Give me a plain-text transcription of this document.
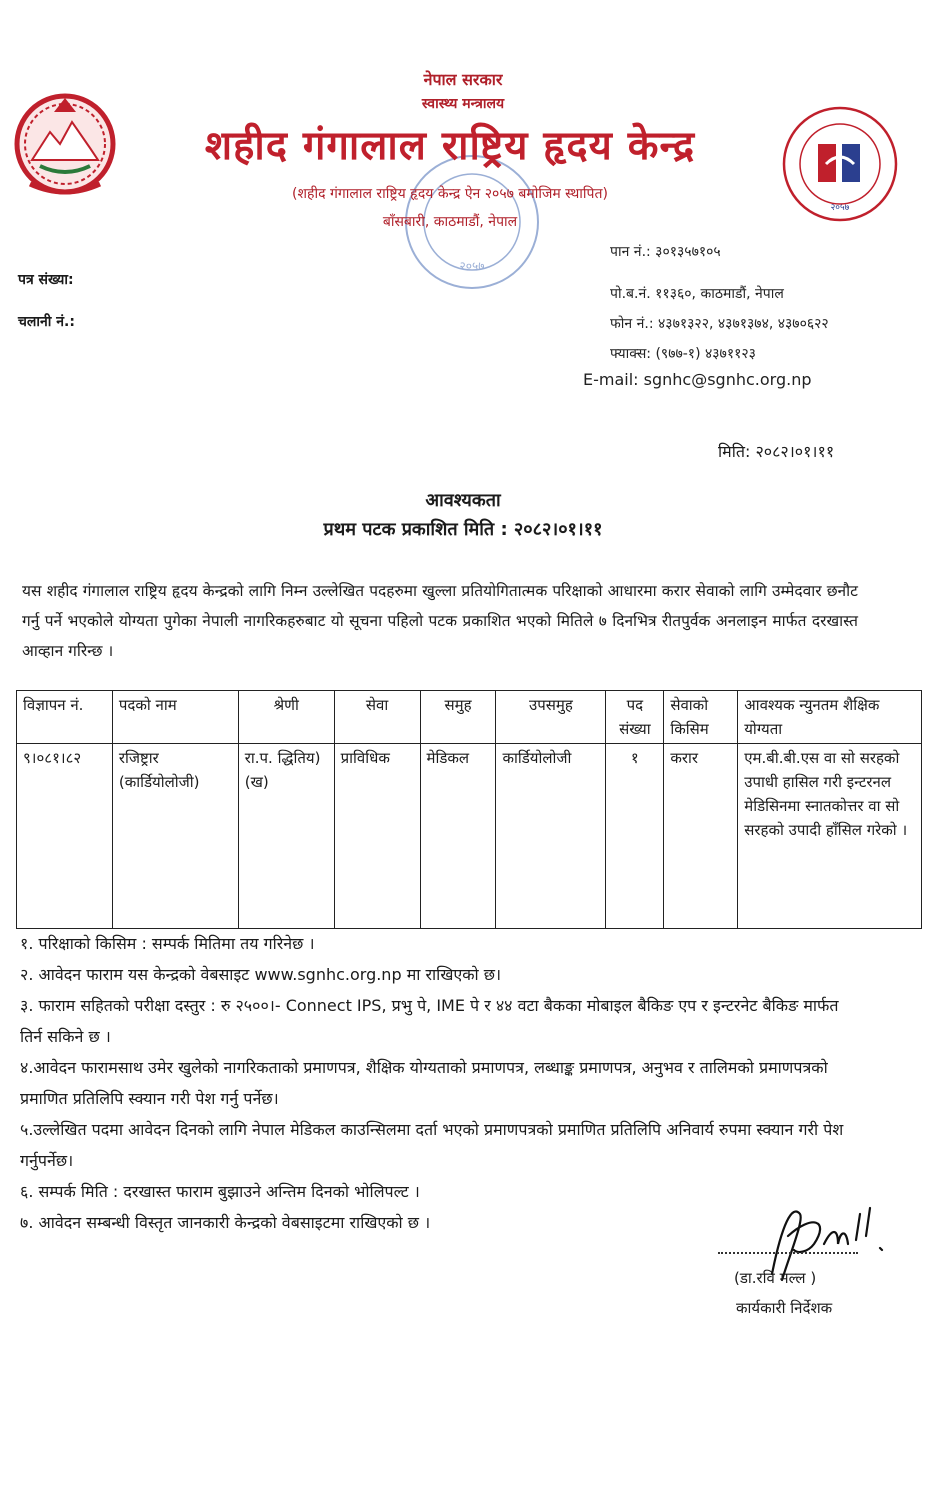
२०५७
२०५७
नेपाल सरकार
स्वास्थ्य मन्त्रालय
शहीद गंगालाल राष्ट्रिय हृदय केन्द्र
(शहीद गंगालाल राष्ट्रिय हृदय केन्द्र ऐन २०५७ बमोजिम स्थापित)
बाँसबारी, काठमाडौं, नेपाल
पान नं.: ३०१३५७१०५
पो.ब.नं. ११३६०, काठमाडौं, नेपाल
फोन नं.: ४३७१३२२, ४३७१३७४, ४३७०६२२
फ्याक्स: (९७७-१) ४३७११२३
E-mail: sgnhc@sgnhc.org.np
पत्र संख्या:
चलानी नं.:
मिति: २०८२।०१।११
आवश्यकता
प्रथम पटक प्रकाशित मिति : २०८२।०१।११
यस शहीद गंगालाल राष्ट्रिय हृदय केन्द्रको लागि निम्न उल्लेखित पदहरुमा खुल्ला प्रतियोगितात्मक परिक्षाको आधारमा करार सेवाको लागि उम्मेदवार छनौट गर्नु पर्ने भएकोले योग्यता पुगेका नेपाली नागरिकहरुबाट यो सूचना पहिलो पटक प्रकाशित भएको मितिले ७ दिनभित्र रीतपुर्वक अनलाइन मार्फत दरखास्त आव्हान गरिन्छ ।
विज्ञापन नं.	पदको नाम	श्रेणी	सेवा	समुह	उपसमुह	पद संख्या	सेवाको किसिम	आवश्यक न्युनतम शैक्षिक योग्यता
९।०८१।८२	रजिष्ट्रार (कार्डियोलोजी)	रा.प. द्धितिय)(ख)	प्राविधिक	मेडिकल	कार्डियोलोजी	१	करार	एम.बी.बी.एस वा सो सरहको उपाधी हासिल गरी इन्टरनल मेडिसिनमा स्नातकोत्तर वा सो सरहको उपादी हाँसिल गरेको ।
१. परिक्षाको किसिम : सम्पर्क मितिमा तय गरिनेछ ।
२. आवेदन फाराम यस केन्द्रको वेबसाइट www.sgnhc.org.np मा राखिएको छ।
३. फाराम सहितको परीक्षा दस्तुर : रु २५००।- Connect IPS, प्रभु पे, IME पे र ४४ वटा बैकका मोबाइल बैकिङ एप र इन्टरनेट बैकिङ मार्फत तिर्न सकिने छ ।
४.आवेदन फारामसाथ उमेर खुलेको नागरिकताको प्रमाणपत्र, शैक्षिक योग्यताको प्रमाणपत्र, लब्धाङ्क प्रमाणपत्र, अनुभव र तालिमको प्रमाणपत्रको प्रमाणित प्रतिलिपि स्क्यान गरी पेश गर्नु पर्नेछ।
५.उल्लेखित पदमा आवेदन दिनको लागि नेपाल मेडिकल काउन्सिलमा दर्ता भएको प्रमाणपत्रको प्रमाणित प्रतिलिपि अनिवार्य रुपमा स्क्यान गरी पेश गर्नुपर्नेछ।
६. सम्पर्क मिति : दरखास्त फाराम बुझाउने अन्तिम दिनको भोलिपल्ट ।
७. आवेदन सम्बन्धी विस्तृत जानकारी केन्द्रको वेबसाइटमा राखिएको छ ।
(डा.रवि मल्ल )
कार्यकारी निर्देशक
